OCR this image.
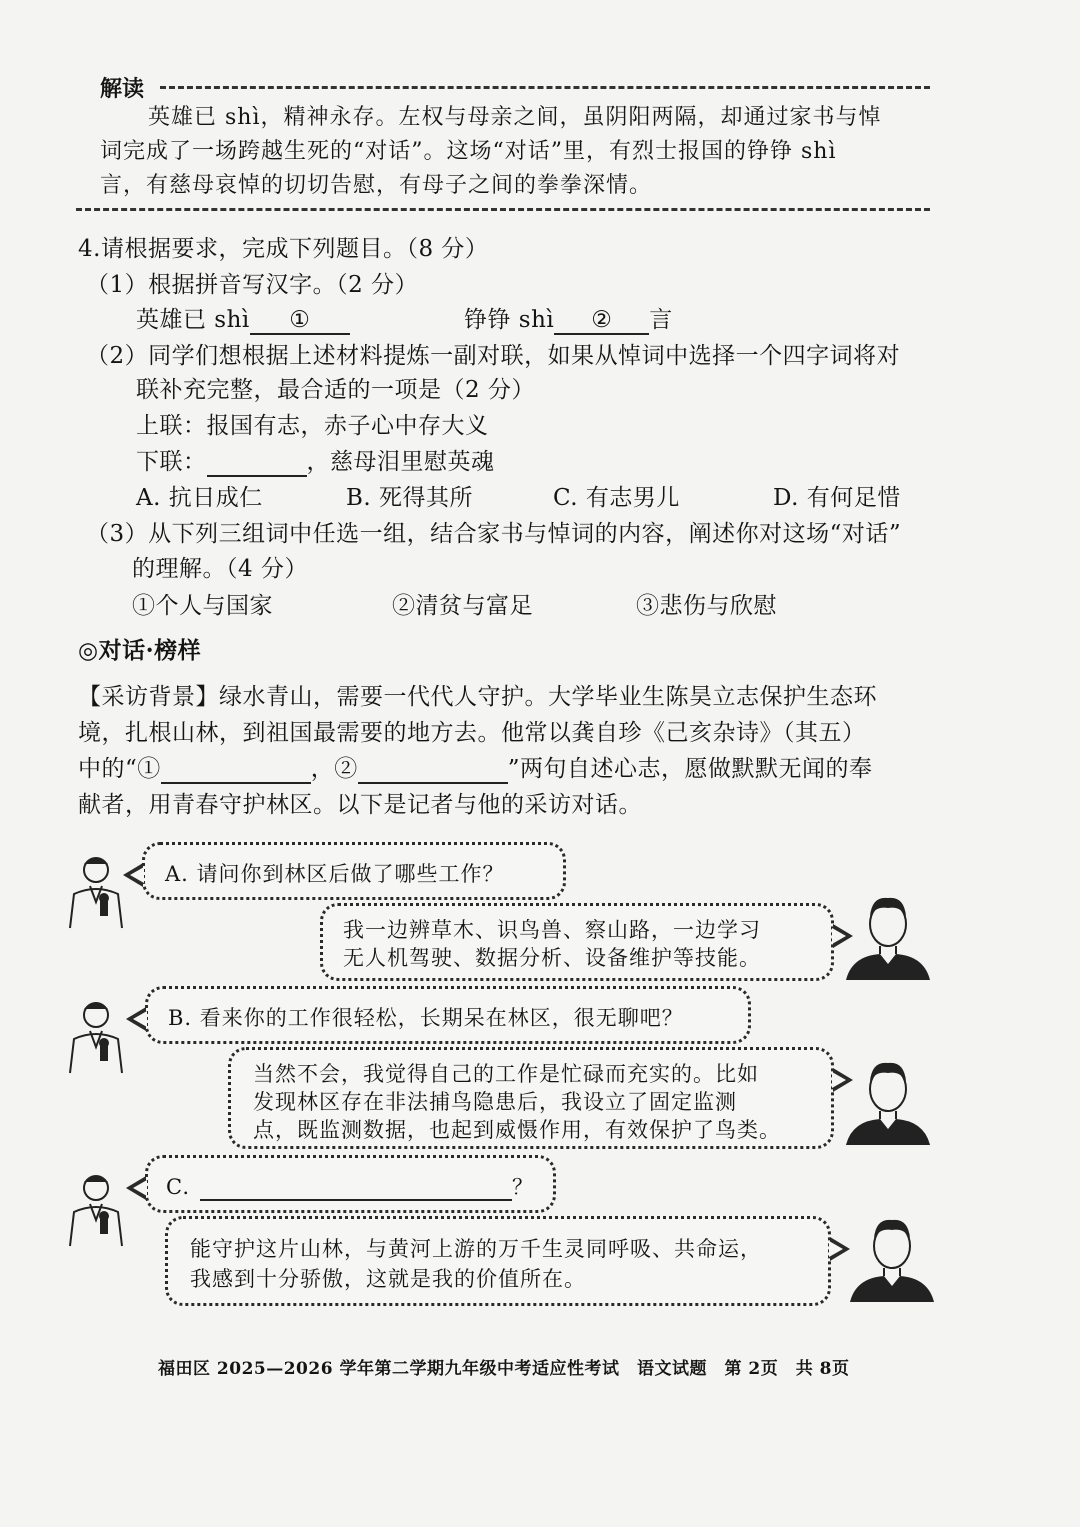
解读
英雄已 shì，精神永存。左权与母亲之间，虽阴阳两隔，却通过家书与悼
词完成了一场跨越生死的“对话”。这场“对话”里，有烈士报国的铮铮 shì
言，有慈母哀悼的切切告慰，有母子之间的拳拳深情。
4.请根据要求，完成下列题目。（8 分）
（1）根据拼音写汉字。（2 分）
英雄已 shì ①	铮铮 shì ② 言
（2）同学们想根据上述材料提炼一副对联，如果从悼词中选择一个四字词将对
联补充完整，最合适的一项是（2 分）
上联：报国有志，赤子心中存大义
下联：	，慈母泪里慰英魂
A. 抗日成仁	B. 死得其所	C. 有志男儿	D. 有何足惜
（3）从下列三组词中任选一组，结合家书与悼词的内容，阐述你对这场“对话”
的理解。（4 分）
①个人与国家	②清贫与富足	③悲伤与欣慰
◎对话·榜样
【采访背景】绿水青山，需要一代代人守护。大学毕业生陈昊立志保护生态环
境，扎根山林，到祖国最需要的地方去。他常以龚自珍《己亥杂诗》（其五）
中的“①	，②	”两句自述心志，愿做默默无闻的奉
献者，用青春守护林区。以下是记者与他的采访对话。
A. 请问你到林区后做了哪些工作？
我一边辨草木、识鸟兽、察山路，一边学习
无人机驾驶、数据分析、设备维护等技能。
B. 看来你的工作很轻松，长期呆在林区，很无聊吧？
当然不会，我觉得自己的工作是忙碌而充实的。比如
发现林区存在非法捕鸟隐患后，我设立了固定监测
点，既监测数据，也起到威慑作用，有效保护了鸟类。
C.	？
能守护这片山林，与黄河上游的万千生灵同呼吸、共命运，
我感到十分骄傲，这就是我的价值所在。
福田区 2025—2026 学年第二学期九年级中考适应性考试　语文试题　第 2页　共 8页
